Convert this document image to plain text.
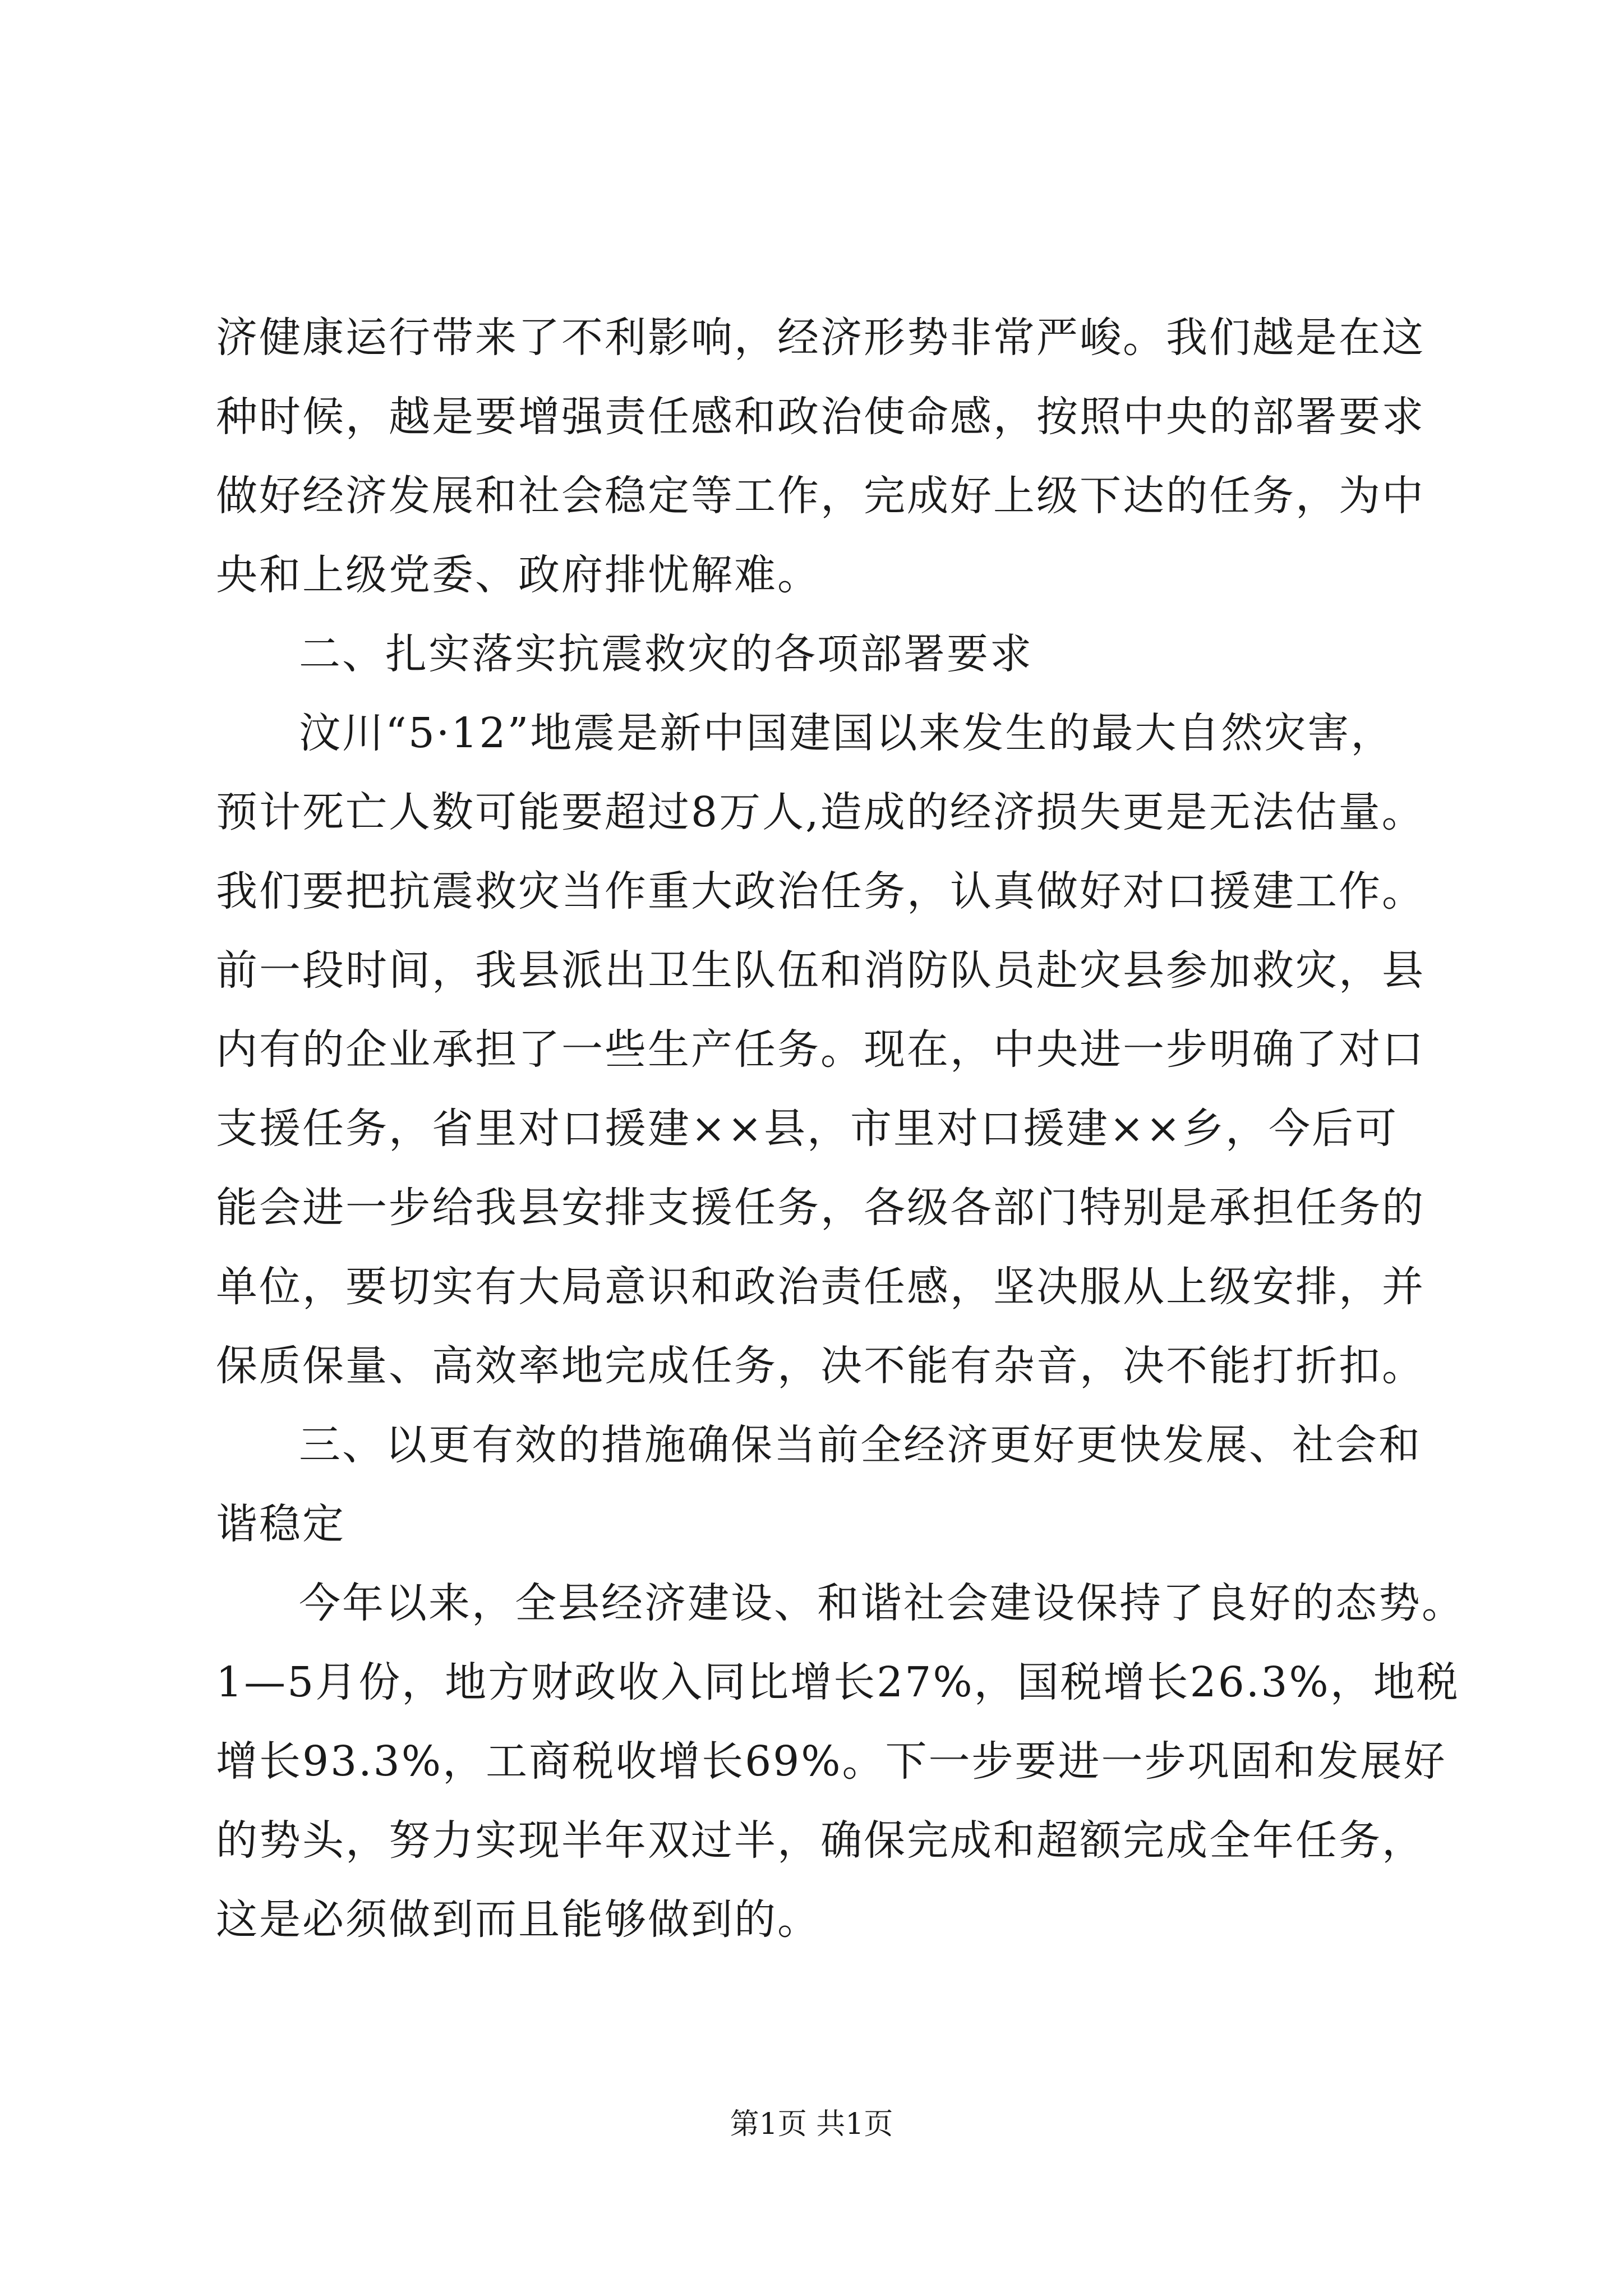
济健康运行带来了不利影响，经济形势非常严峻。我们越是在这
种时候，越是要增强责任感和政治使命感，按照中央的部署要求
做好经济发展和社会稳定等工作，完成好上级下达的任务，为中
央和上级党委、政府排忧解难。
二、扎实落实抗震救灾的各项部署要求
汶川“5·12”地震是新中国建国以来发生的最大自然灾害，
预计死亡人数可能要超过8万人,造成的经济损失更是无法估量。
我们要把抗震救灾当作重大政治任务，认真做好对口援建工作。
前一段时间，我县派出卫生队伍和消防队员赴灾县参加救灾，县
内有的企业承担了一些生产任务。现在，中央进一步明确了对口
支援任务，省里对口援建××县，市里对口援建××乡，今后可
能会进一步给我县安排支援任务，各级各部门特别是承担任务的
单位，要切实有大局意识和政治责任感，坚决服从上级安排，并
保质保量、高效率地完成任务，决不能有杂音，决不能打折扣。
三、以更有效的措施确保当前全经济更好更快发展、社会和
谐稳定
今年以来，全县经济建设、和谐社会建设保持了良好的态势。
1—5月份，地方财政收入同比增长27%，国税增长26.3%，地税
增长93.3%，工商税收增长69%。下一步要进一步巩固和发展好
的势头，努力实现半年双过半，确保完成和超额完成全年任务，
这是必须做到而且能够做到的。
第1页 共1页
